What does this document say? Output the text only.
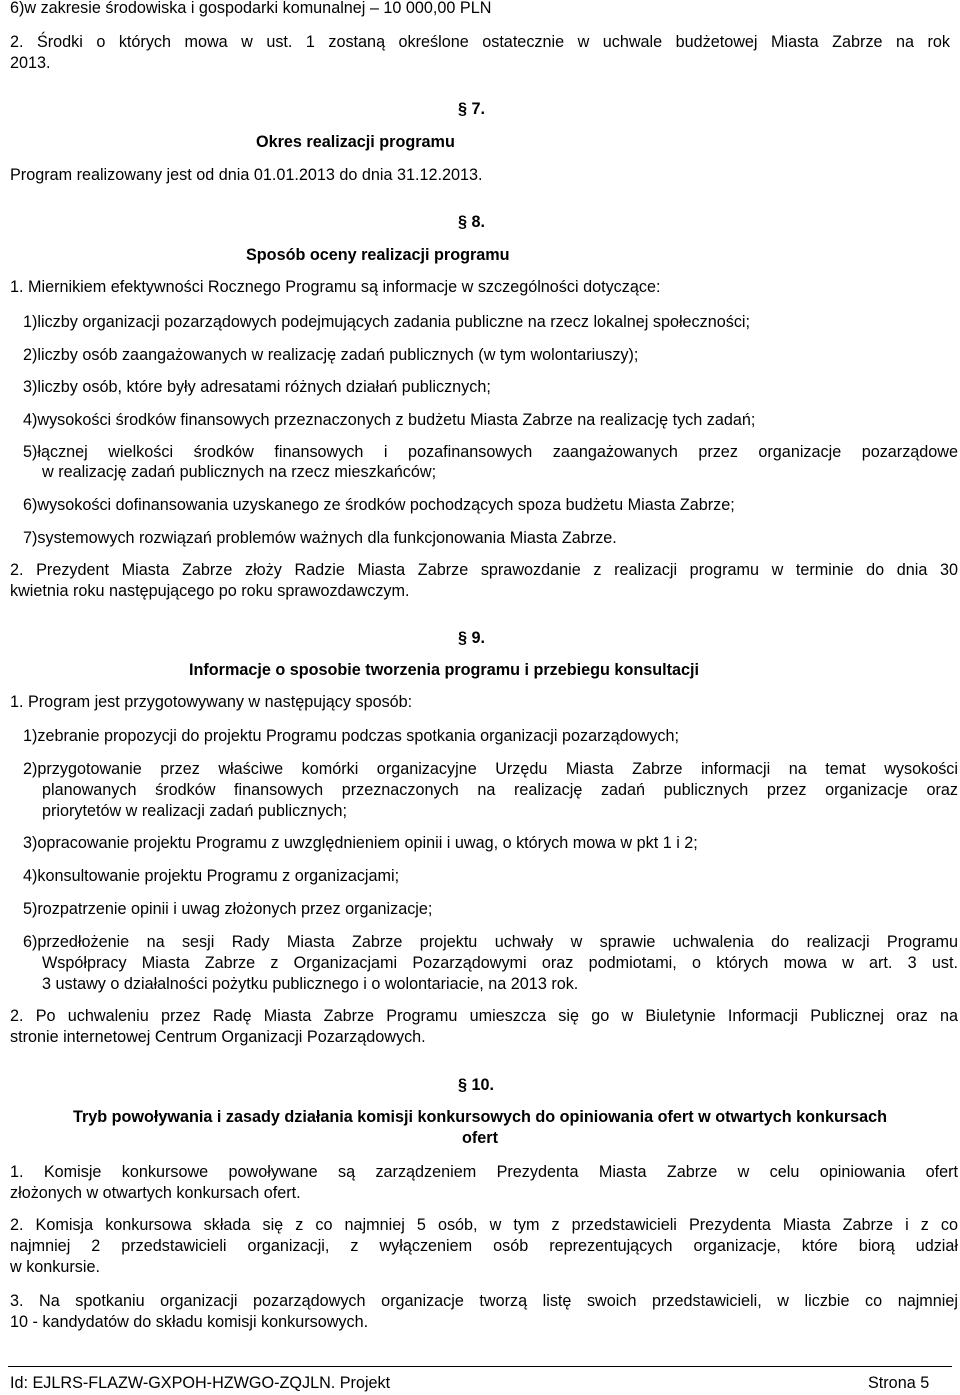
6)w zakresie środowiska i gospodarki komunalnej – 10 000,00 PLN
2. Środki o których mowa w ust. 1 zostaną określone ostatecznie w uchwale budżetowej Miasta Zabrze na rok
2013.
§ 7.
Okres realizacji programu
Program realizowany jest od dnia 01.01.2013 do dnia 31.12.2013.
§ 8.
Sposób oceny realizacji programu
1. Miernikiem efektywności Rocznego Programu są informacje w szczególności dotyczące:
1)liczby organizacji pozarządowych podejmujących zadania publiczne na rzecz lokalnej społeczności;
2)liczby osób zaangażowanych w realizację zadań publicznych (w tym wolontariuszy);
3)liczby osób, które były adresatami różnych działań publicznych;
4)wysokości środków finansowych przeznaczonych z budżetu Miasta Zabrze na realizację tych zadań;
5)łącznej wielkości środków finansowych i pozafinansowych zaangażowanych przez organizacje pozarządowe
w realizację zadań publicznych na rzecz mieszkańców;
6)wysokości dofinansowania uzyskanego ze środków pochodzących spoza budżetu Miasta Zabrze;
7)systemowych rozwiązań problemów ważnych dla funkcjonowania Miasta Zabrze.
2. Prezydent Miasta Zabrze złoży Radzie Miasta Zabrze sprawozdanie z realizacji programu w terminie do dnia 30
kwietnia roku następującego po roku sprawozdawczym.
§ 9.
Informacje o sposobie tworzenia programu i przebiegu konsultacji
1. Program jest przygotowywany w następujący sposób:
1)zebranie propozycji do projektu Programu podczas spotkania organizacji pozarządowych;
2)przygotowanie przez właściwe komórki organizacyjne Urzędu Miasta Zabrze informacji na temat wysokości
planowanych środków finansowych przeznaczonych na realizację zadań publicznych przez organizacje oraz
priorytetów w realizacji zadań publicznych;
3)opracowanie projektu Programu z uwzględnieniem opinii i uwag, o których mowa w pkt 1 i 2;
4)konsultowanie projektu Programu z organizacjami;
5)rozpatrzenie opinii i uwag złożonych przez organizacje;
6)przedłożenie na sesji Rady Miasta Zabrze projektu uchwały w sprawie uchwalenia do realizacji Programu
Współpracy Miasta Zabrze z Organizacjami Pozarządowymi oraz podmiotami, o których mowa w art. 3 ust.
3 ustawy o działalności pożytku publicznego i o wolontariacie, na 2013 rok.
2. Po uchwaleniu przez Radę Miasta Zabrze Programu umieszcza się go w Biuletynie Informacji Publicznej oraz na
stronie internetowej Centrum Organizacji Pozarządowych.
§ 10.
Tryb powoływania i zasady działania komisji konkursowych do opiniowania ofert w otwartych konkursach
ofert
1. Komisje konkursowe powoływane są zarządzeniem Prezydenta Miasta Zabrze w celu opiniowania ofert
złożonych w otwartych konkursach ofert.
2. Komisja konkursowa składa się z co najmniej 5 osób, w tym z przedstawicieli Prezydenta Miasta Zabrze i z co
najmniej 2 przedstawicieli organizacji, z wyłączeniem osób reprezentujących organizacje, które biorą udział
w konkursie.
3. Na spotkaniu organizacji pozarządowych organizacje tworzą listę swoich przedstawicieli, w liczbie co najmniej
10 - kandydatów do składu komisji konkursowych.
Id: EJLRS-FLAZW-GXPOH-HZWGO-ZQJLN. Projekt	Strona 5
